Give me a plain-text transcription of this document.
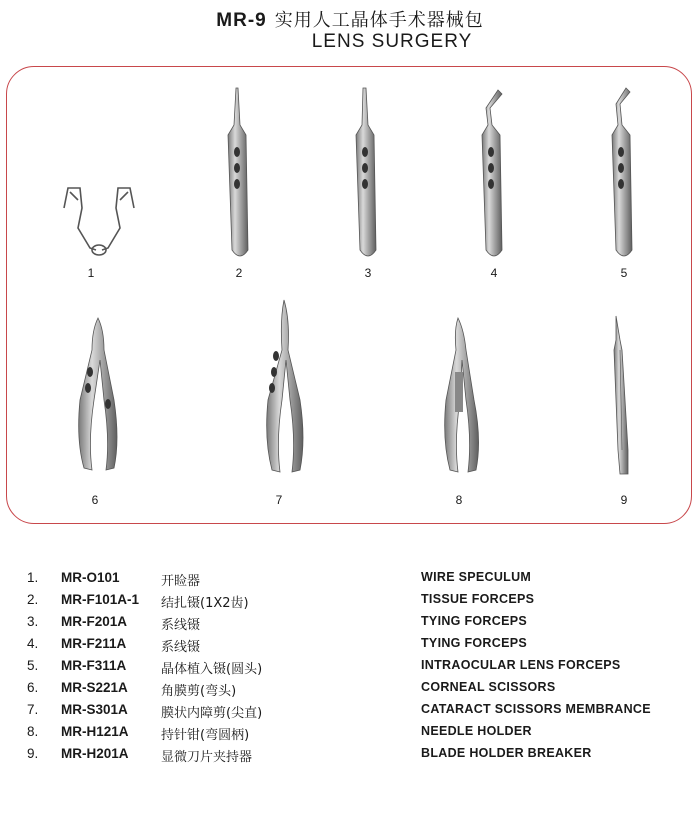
MR-9 实用人工晶体手术器械包
LENS SURGERY
1	2	3	4	5
6	7	8	9
1. MR-O101	开睑器	WIRE SPECULUM
2. MR-F101A-1 结扎镊(1X2齿)	TISSUE FORCEPS
3. MR-F201A	系线镊	TYING FORCEPS
4. MR-F211A	系线镊	TYING FORCEPS
5. MR-F311A	晶体植入镊(圆头)	INTRAOCULAR LENS FORCEPS
6. MR-S221A	角膜剪(弯头)	CORNEAL SCISSORS
7. MR-S301A	膜状内障剪(尖直)	CATARACT SCISSORS MEMBRANCE
8. MR-H121A 持针钳(弯圆柄)	NEEDLE HOLDER
9. MR-H201A 显微刀片夹持器	BLADE HOLDER BREAKER
